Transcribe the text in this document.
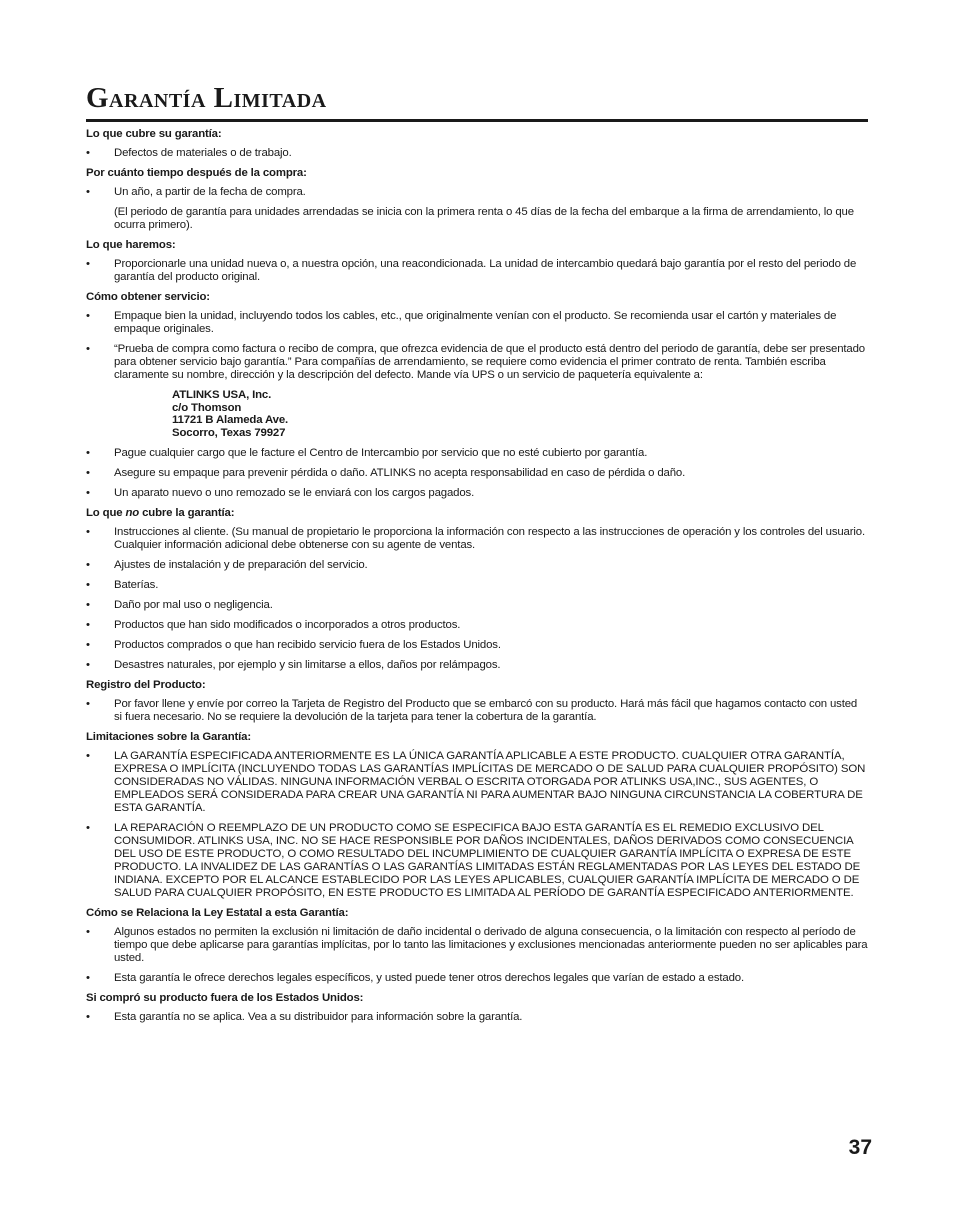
Garantía Limitada
Lo que cubre su garantía:
• Defectos de materiales o de trabajo.
Por cuánto tiempo después de la compra:
• Un año, a partir de la fecha de compra.
(El periodo de garantía para unidades arrendadas se inicia con la primera renta o 45 días de la fecha del embarque a la firma de arrendamiento, lo que ocurra primero).
Lo que haremos:
• Proporcionarle una unidad nueva o, a nuestra opción, una reacondicionada. La unidad de intercambio quedará bajo garantía por el resto del periodo de garantía del producto original.
Cómo obtener servicio:
• Empaque bien la unidad, incluyendo todos los cables, etc., que originalmente venían con el producto. Se recomienda usar el cartón y materiales de empaque originales.
• “Prueba de compra como factura o recibo de compra, que ofrezca evidencia de que el producto está dentro del periodo de garantía, debe ser presentado para obtener servicio bajo garantía.” Para compañías de arrendamiento, se requiere como evidencia el primer contrato de renta. También escriba claramente su nombre, dirección y la descripción del defecto. Mande vía UPS o un servicio de paquetería equivalente a:
ATLINKS USA, Inc.
c/o Thomson
11721 B Alameda Ave.
Socorro, Texas 79927
• Pague cualquier cargo que le facture el Centro de Intercambio por servicio que no esté cubierto por garantía.
• Asegure su empaque para prevenir pérdida o daño. ATLINKS no acepta responsabilidad en caso de pérdida o daño.
• Un aparato nuevo o uno remozado se le enviará con los cargos pagados.
Lo que no cubre la garantía:
• Instrucciones al cliente. (Su manual de propietario le proporciona la información con respecto a las instrucciones de operación y los controles del usuario. Cualquier información adicional debe obtenerse con su agente de ventas.
• Ajustes de instalación y de preparación del servicio.
• Baterías.
• Daño por mal uso o negligencia.
• Productos que han sido modificados o incorporados a otros productos.
• Productos comprados o que han recibido servicio fuera de los Estados Unidos.
• Desastres naturales, por ejemplo y sin limitarse a ellos, daños por relámpagos.
Registro del Producto:
• Por favor llene y envíe por correo la Tarjeta de Registro del Producto que se embarcó con su producto. Hará más fácil que hagamos contacto con usted si fuera necesario. No se requiere la devolución de la tarjeta para tener la cobertura de la garantía.
Limitaciones sobre la Garantía:
• LA GARANTÍA ESPECIFICADA ANTERIORMENTE ES LA ÚNICA GARANTÍA APLICABLE A ESTE PRODUCTO. CUALQUIER OTRA GARANTÍA, EXPRESA O IMPLÍCITA (INCLUYENDO TODAS LAS GARANTÍAS IMPLÍCITAS DE MERCADO O DE SALUD PARA CUALQUIER PROPÓSITO) SON CONSIDERADAS NO VÁLIDAS. NINGUNA INFORMACIÓN VERBAL O ESCRITA OTORGADA POR ATLINKS USA,INC., SUS AGENTES, O EMPLEADOS SERÁ CONSIDERADA PARA CREAR UNA GARANTÍA NI PARA AUMENTAR BAJO NINGUNA CIRCUNSTANCIA LA COBERTURA DE ESTA GARANTÍA.
• LA REPARACIÓN O REEMPLAZO DE UN PRODUCTO COMO SE ESPECIFICA BAJO ESTA GARANTÍA ES EL REMEDIO EXCLUSIVO DEL CONSUMIDOR. ATLINKS USA, INC. NO SE HACE RESPONSIBLE POR DAÑOS INCIDENTALES, DAÑOS DERIVADOS COMO CONSECUENCIA DEL USO DE ESTE PRODUCTO, O COMO RESULTADO DEL INCUMPLIMIENTO DE CUALQUIER GARANTÍA IMPLÍCITA O EXPRESA DE ESTE PRODUCTO. LA INVALIDEZ DE LAS GARANTÍAS O LAS GARANTÍAS LIMITADAS ESTÁN REGLAMENTADAS POR LAS LEYES DEL ESTADO DE INDIANA. EXCEPTO POR EL ALCANCE ESTABLECIDO POR LAS LEYES APLICABLES, CUALQUIER GARANTÍA IMPLÍCITA DE MERCADO O DE SALUD PARA CUALQUIER PROPÓSITO, EN ESTE PRODUCTO ES LIMITADA AL PERÍODO DE GARANTÍA ESPECIFICADO ANTERIORMENTE.
Cómo se Relaciona la Ley Estatal a esta Garantía:
• Algunos estados no permiten la exclusión ni limitación de daño incidental o derivado de alguna consecuencia, o la limitación con respecto al período de tiempo que debe aplicarse para garantías implícitas, por lo tanto las limitaciones y exclusiones mencionadas anteriormente pueden no ser aplicables para usted.
• Esta garantía le ofrece derechos legales específicos, y usted puede tener otros derechos legales que varían de estado a estado.
Si compró su producto fuera de los Estados Unidos:
• Esta garantía no se aplica. Vea a su distribuidor para información sobre la garantía.
37
